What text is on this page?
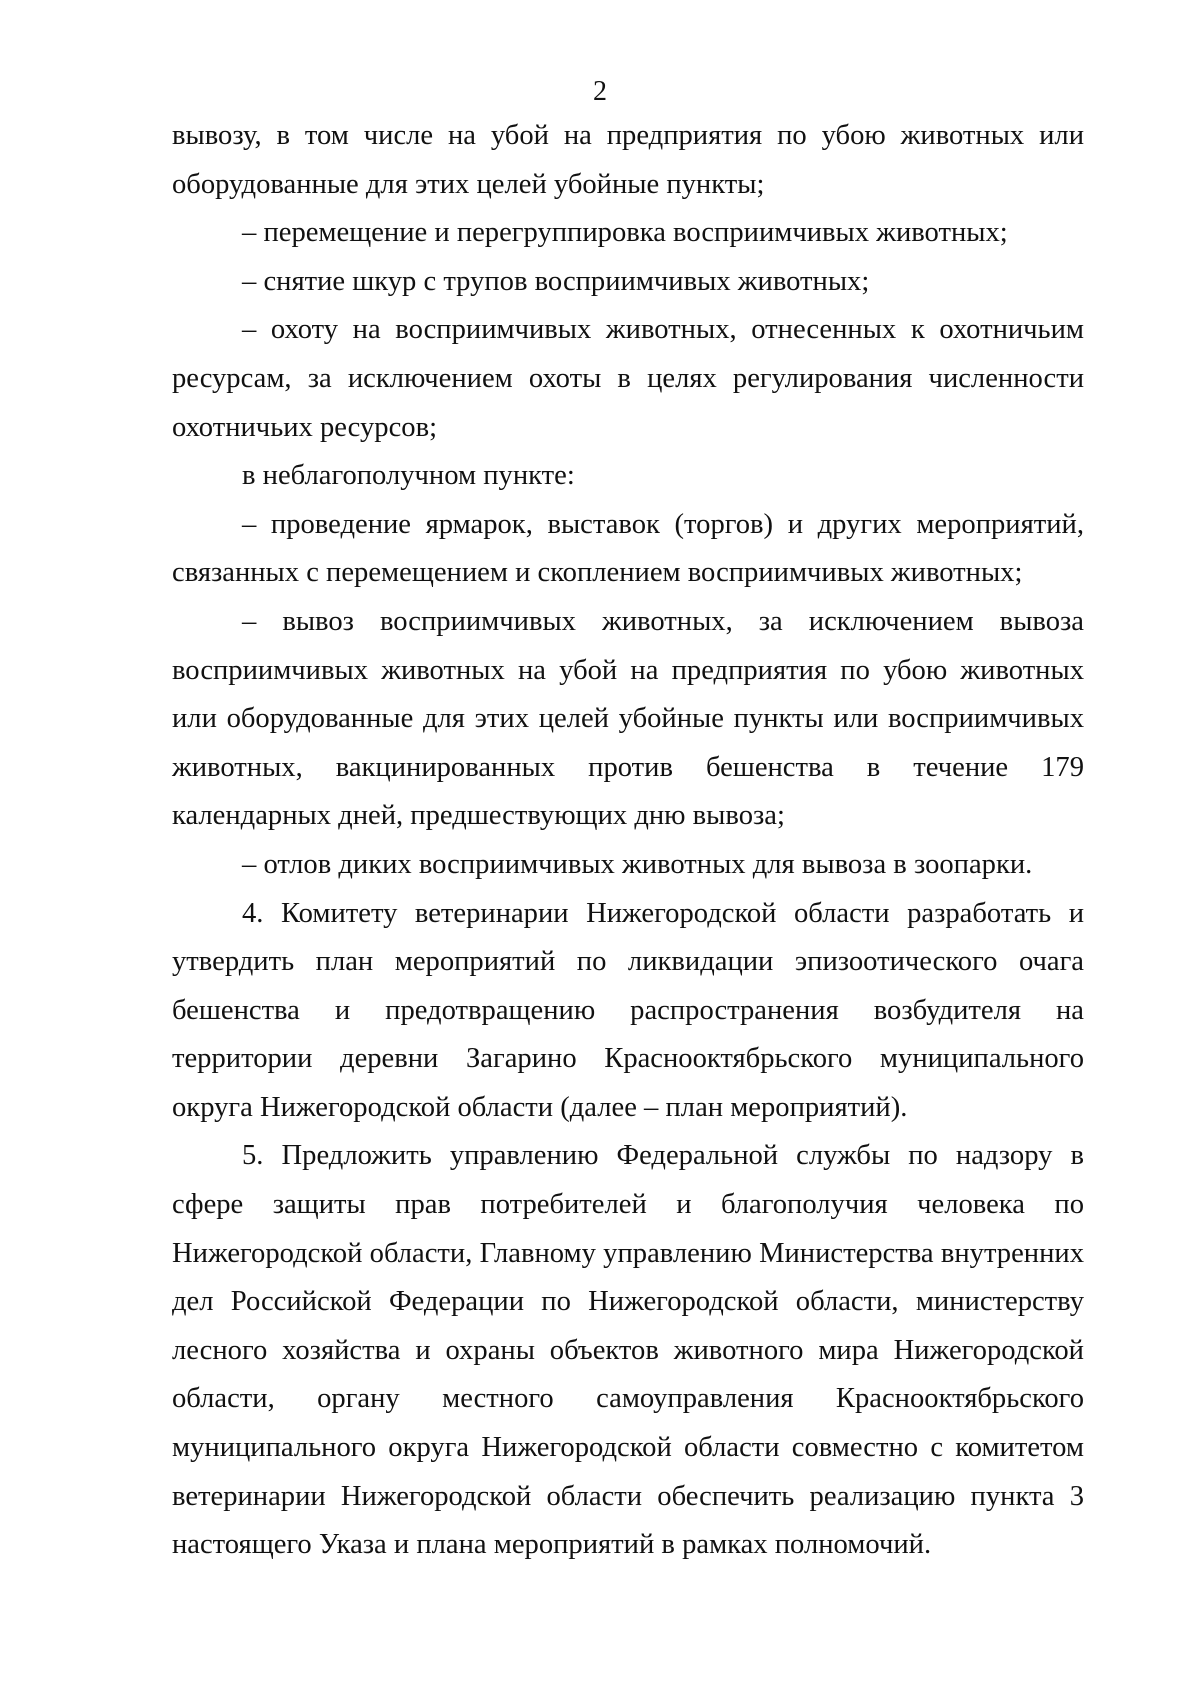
2

вывозу, в том числе на убой на предприятия по убою животных или оборудованные для этих целей убойные пункты;

– перемещение и перегруппировка восприимчивых животных;

– снятие шкур с трупов восприимчивых животных;

– охоту на восприимчивых животных, отнесенных к охотничьим ресурсам, за исключением охоты в целях регулирования численности охотничьих ресурсов;

в неблагополучном пункте:

– проведение ярмарок, выставок (торгов) и других мероприятий, связанных с перемещением и скоплением восприимчивых животных;

– вывоз восприимчивых животных, за исключением вывоза восприимчивых животных на убой на предприятия по убою животных или оборудованные для этих целей убойные пункты или восприимчивых животных, вакцинированных против бешенства в течение 179 календарных дней, предшествующих дню вывоза;

– отлов диких восприимчивых животных для вывоза в зоопарки.

4. Комитету ветеринарии Нижегородской области разработать и утвердить план мероприятий по ликвидации эпизоотического очага бешенства и предотвращению распространения возбудителя на территории деревни Загарино Краснооктябрьского муниципального округа Нижегородской области (далее – план мероприятий).

5. Предложить управлению Федеральной службы по надзору в сфере защиты прав потребителей и благополучия человека по Нижегородской области, Главному управлению Министерства внутренних дел Российской Федерации по Нижегородской области, министерству лесного хозяйства и охраны объектов животного мира Нижегородской области, органу местного самоуправления Краснооктябрьского муниципального округа Нижегородской области совместно с комитетом ветеринарии Нижегородской области обеспечить реализацию пункта 3 настоящего Указа и плана мероприятий в рамках полномочий.
